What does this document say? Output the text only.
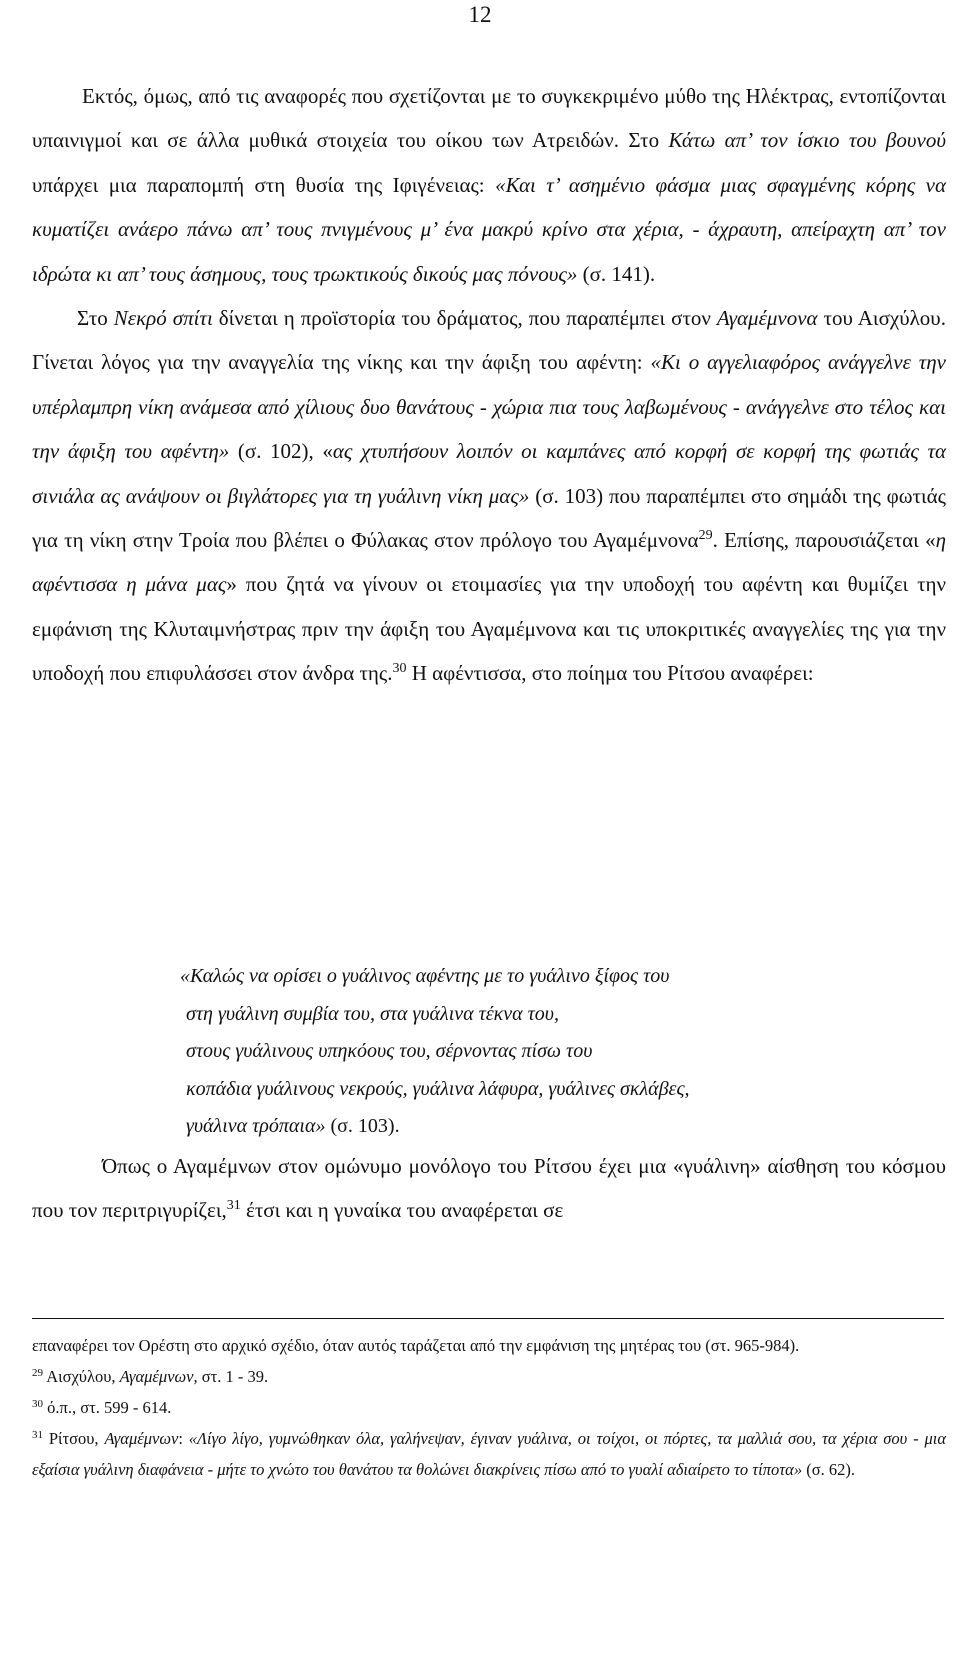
12

Εκτός, όμως, από τις αναφορές που σχετίζονται με το συγκεκριμένο μύθο της Ηλέκτρας, εντοπίζονται υπαινιγμοί και σε άλλα μυθικά στοιχεία του οίκου των Ατρειδών. Στο Κάτω απ’ τον ίσκιο του βουνού υπάρχει μια παραπομπή στη θυσία της Ιφιγένειας: «Και τ’ ασημένιο φάσμα μιας σφαγμένης κόρης να κυματίζει ανάερο πάνω απ’ τους πνιγμένους μ’ ένα μακρύ κρίνο στα χέρια, - άχραυτη, απείραχτη απ’ τον ιδρώτα κι απ’ τους άσημους, τους τρωκτικούς δικούς μας πόνους» (σ. 141).

Στο Νεκρό σπίτι δίνεται η προϊστορία του δράματος, που παραπέμπει στον Αγαμέμνονα του Αισχύλου. Γίνεται λόγος για την αναγγελία της νίκης και την άφιξη του αφέντη: «Κι ο αγγελιαφόρος ανάγγελνε την υπέρλαμπρη νίκη ανάμεσα από χίλιους δυο θανάτους - χώρια πια τους λαβωμένους - ανάγγελνε στο τέλος και την άφιξη του αφέντη» (σ. 102), «ας χτυπήσουν λοιπόν οι καμπάνες από κορφή σε κορφή της φωτιάς τα σινιάλα ας ανάψουν οι βιγλάτορες για τη γυάλινη νίκη μας» (σ. 103) που παραπέμπει στο σημάδι της φωτιάς για τη νίκη στην Τροία που βλέπει ο Φύλακας στον πρόλογο του Αγαμέμνονα$^{29}$. Επίσης, παρουσιάζεται «η αφέντισσα η μάνα μας» που ζητά να γίνουν οι ετοιμασίες για την υποδοχή του αφέντη και θυμίζει την εμφάνιση της Κλυταιμνήστρας πριν την άφιξη του Αγαμέμνονα και τις υποκριτικές αναγγελίες της για την υποδοχή που επιφυλάσσει στον άνδρα της.$^{30}$ Η αφέντισσα, στο ποίημα του Ρίτσου αναφέρει:

«Καλώς να ορίσει ο γυάλινος αφέντης με το γυάλινο ξίφος του
στη γυάλινη συμβία του, στα γυάλινα τέκνα του,
στους γυάλινους υπηκόους του, σέρνοντας πίσω του
κοπάδια γυάλινους νεκρούς, γυάλινα λάφυρα, γυάλινες σκλάβες,
γυάλινα τρόπαια» (σ. 103).

Όπως ο Αγαμέμνων στον ομώνυμο μονόλογο του Ρίτσου έχει μια «γυάλινη» αίσθηση του κόσμου που τον περιτριγυρίζει,$^{31}$ έτσι και η γυναίκα του αναφέρεται σε

επαναφέρει τον Ορέστη στο αρχικό σχέδιο, όταν αυτός ταράζεται από την εμφάνιση της μητέρας του (στ. 965-984).

$^{29}$ Αισχύλου, Αγαμέμνων, στ. 1 - 39.

$^{30}$ ό.π., στ. 599 - 614.

$^{31}$ Ρίτσου, Αγαμέμνων: «Λίγο λίγο, γυμνώθηκαν όλα, γαλήνεψαν, έγιναν γυάλινα, οι τοίχοι, οι πόρτες, τα μαλλιά σου, τα χέρια σου - μια εξαίσια γυάλινη διαφάνεια - μήτε το χνώτο του θανάτου τα θολώνει διακρίνεις πίσω από το γυαλί αδιαίρετο το τίποτα» (σ. 62).
